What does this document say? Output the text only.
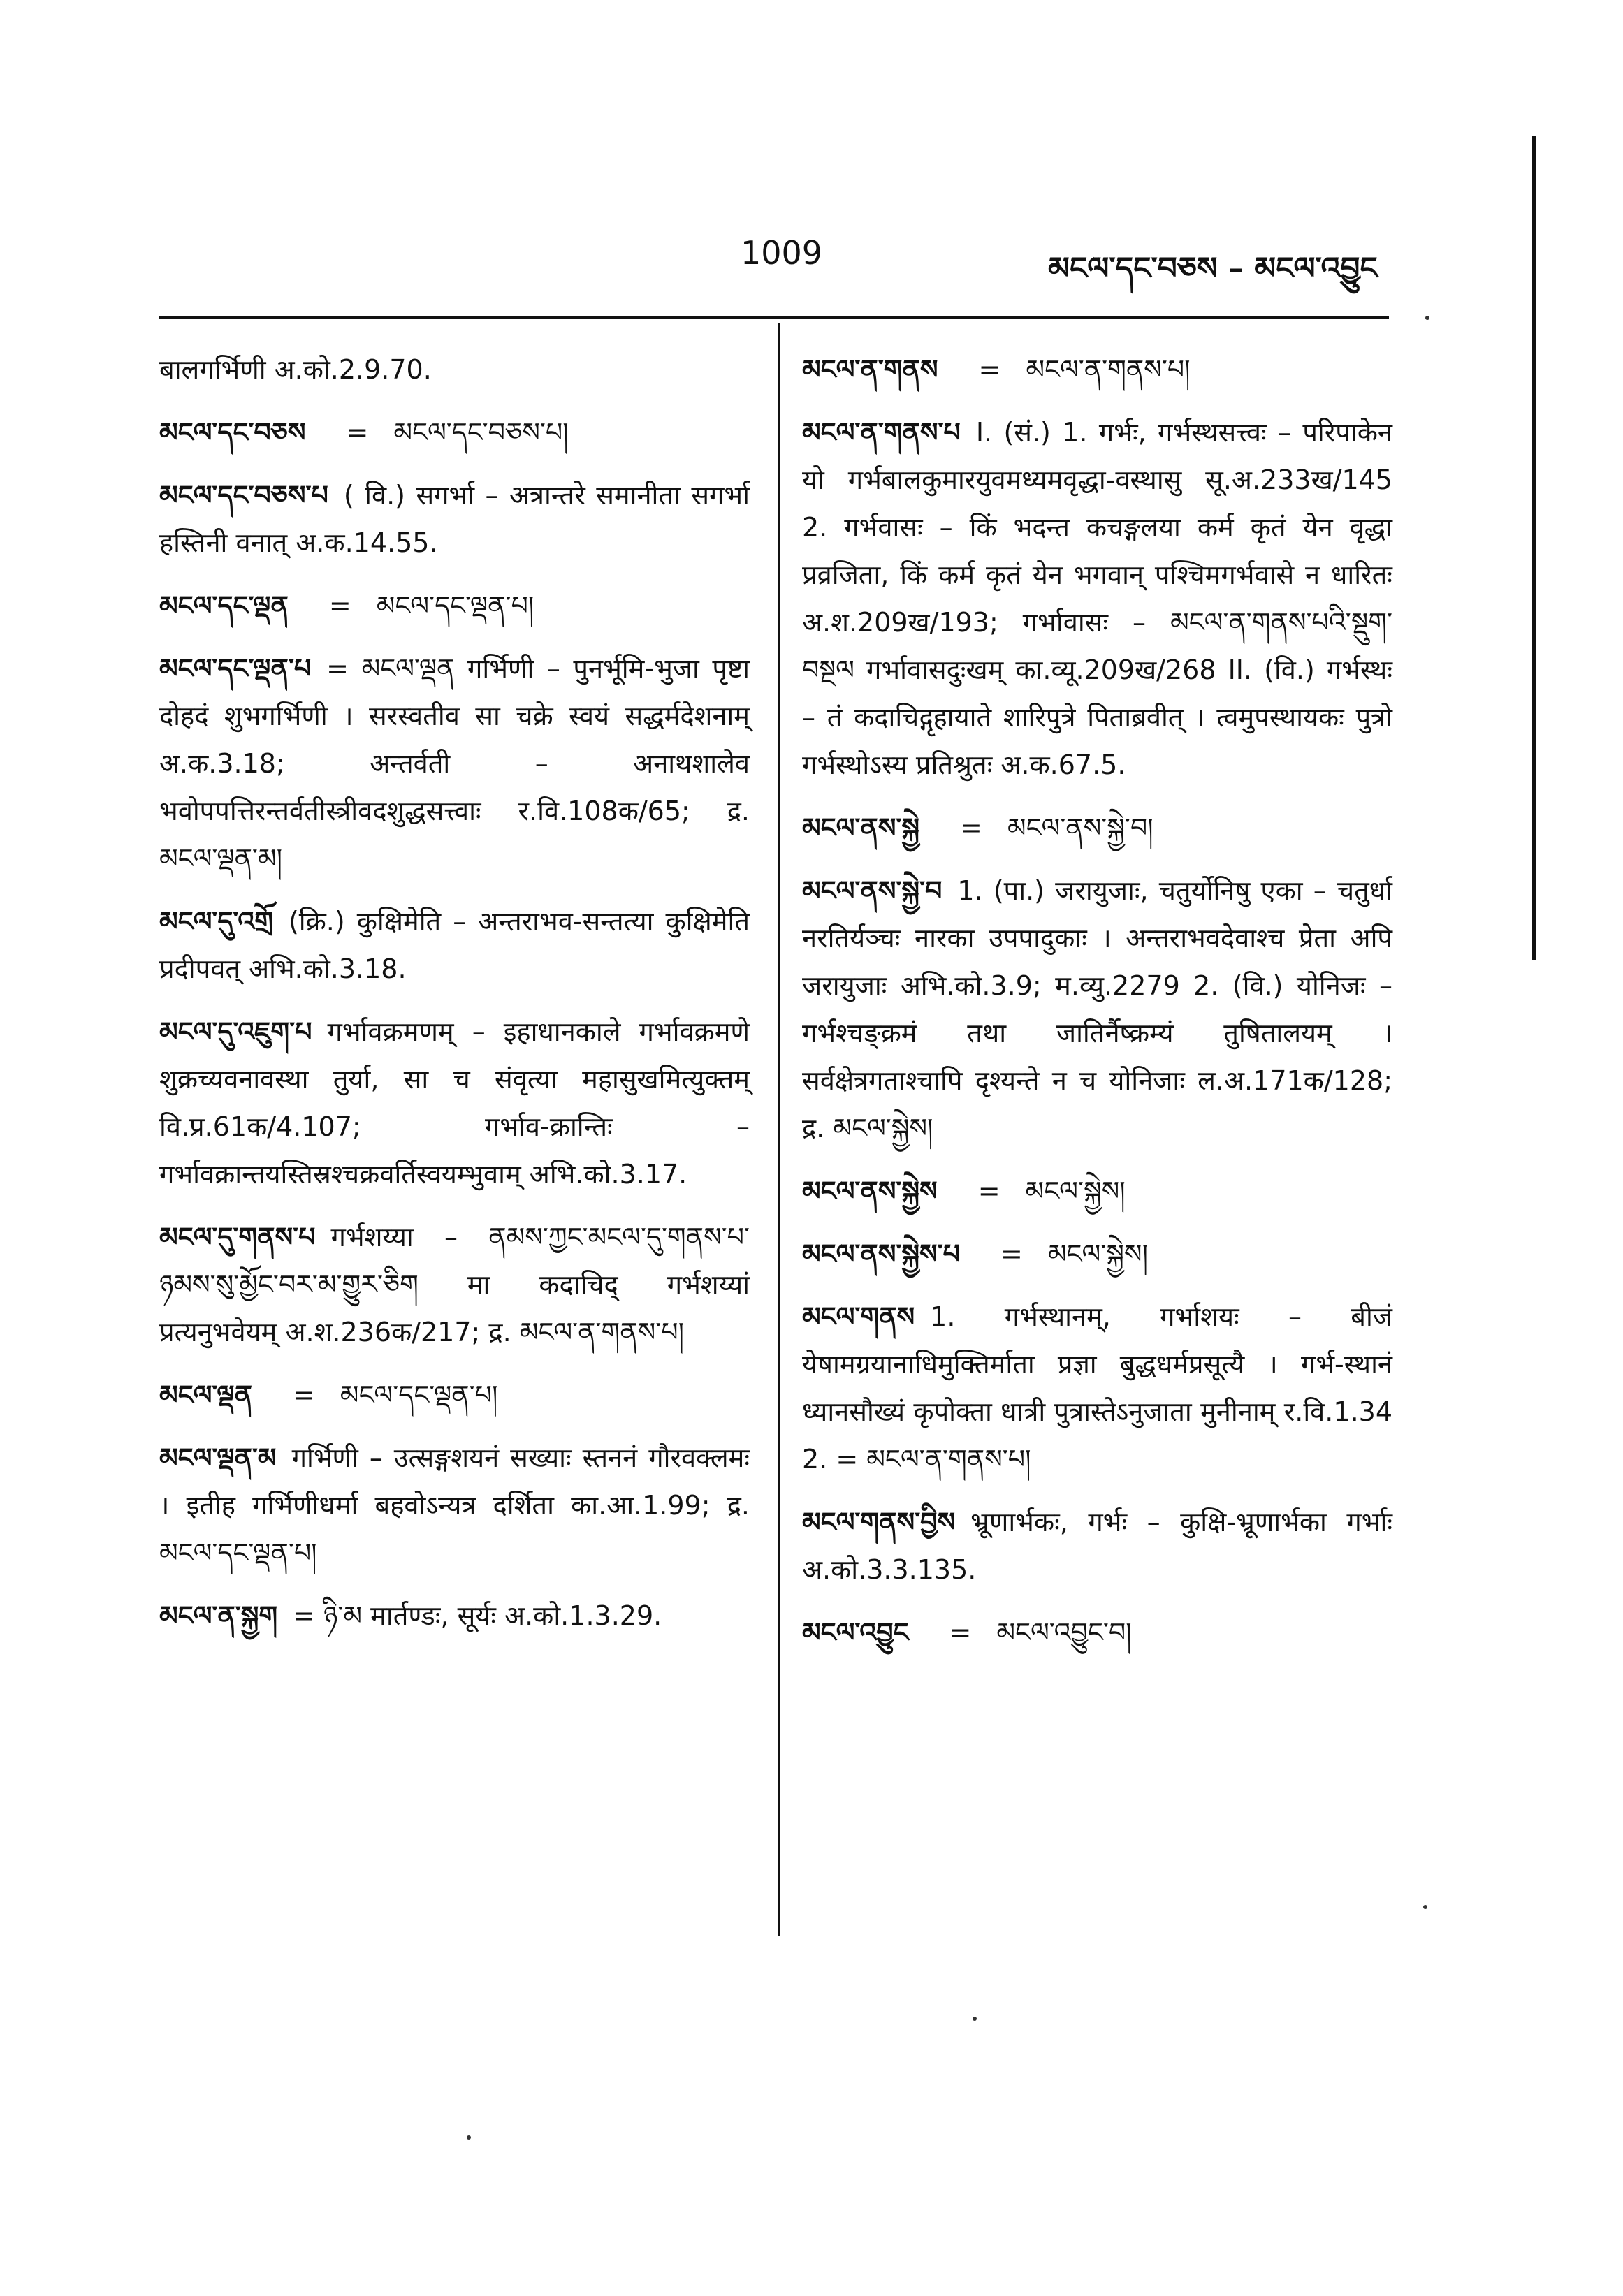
1009	མངལ་དང་བཅས – མངལ་འབྱུང
बालगर्भिणी अ.को.2.9.70.
མངལ་དང་བཅས = མངལ་དང་བཅས་པ།
མངལ་དང་བཅས་པ ( वि.) सगर्भा – अत्रान्तरे समानीता सगर्भा हस्तिनी वनात् अ.क.14.55.
མངལ་དང་ལྡན = མངལ་དང་ལྡན་པ།
མངལ་དང་ལྡན་པ = མངལ་ལྡན गर्भिणी – पुनर्भूमि-भुजा पृष्टा दोहदं शुभगर्भिणी । सरस्वतीव सा चक्रे स्वयं सद्धर्मदेशनाम् अ.क.3.18; अन्तर्वती – अनाथशालेव भवोपपत्तिरन्तर्वतीस्त्रीवदशुद्धसत्त्वाः र.वि.108क/65; द्र. མངལ་ལྡན་མ།
མངལ་དུ་འགྲོ (क्रि.) कुक्षिमेति – अन्तराभव-सन्तत्या कुक्षिमेति प्रदीपवत् अभि.को.3.18.
མངལ་དུ་འཇུག་པ गर्भावक्रमणम् – इहाधानकाले गर्भावक्रमणे शुक्रच्यवनावस्था तुर्या, सा च संवृत्या महासुखमित्युक्तम् वि.प्र.61क/4.107; गर्भाव-क्रान्तिः – गर्भावक्रान्तयस्तिस्रश्चक्रवर्तिस्वयम्भुवाम् अभि.को.3.17.
མངལ་དུ་གནས་པ गर्भशय्या – ནམས་ཀྱང་མངལ་དུ་གནས་པ་ཉམས་སུ་མྱོང་བར་མ་གྱུར་ཅིག मा कदाचिद् गर्भशय्यां प्रत्यनुभवेयम् अ.श.236क/217; द्र. མངལ་ན་གནས་པ།
མངལ་ལྡན = མངལ་དང་ལྡན་པ།
མངལ་ལྡན་མ गर्भिणी – उत्सङ्गशयनं सख्याः स्तननं गौरवक्लमः । इतीह गर्भिणीधर्मा बहवोऽन्यत्र दर्शिता का.आ.1.99; द्र. མངལ་དང་ལྡན་པ།
མངལ་ན་སྐྱག = ཉི་མ मार्तण्डः, सूर्यः अ.को.1.3.29.
མངལ་ན་གནས = མངལ་ན་གནས་པ།
མངལ་ན་གནས་པ I. (सं.) 1. गर्भः, गर्भस्थसत्त्वः – परिपाकेन यो गर्भबालकुमारयुवमध्यमवृद्धा-वस्थासु सू.अ.233ख/145 2. गर्भवासः – किं भदन्त कचङ्गलया कर्म कृतं येन वृद्धा प्रव्रजिता, किं कर्म कृतं येन भगवान् पश्चिमगर्भवासे न धारितः अ.श.209ख/193; गर्भावासः – མངལ་ན་གནས་པའི་སྡུག་བསྔལ गर्भावासदुःखम् का.व्यू.209ख/268 II. (वि.) गर्भस्थः – तं कदाचिद्गृहायाते शारिपुत्रे पिताब्रवीत् । त्वमुपस्थायकः पुत्रो गर्भस्थोऽस्य प्रतिश्रुतः अ.क.67.5.
མངལ་ནས་སྐྱེ = མངལ་ནས་སྐྱེ་བ།
མངལ་ནས་སྐྱེ་བ 1. (पा.) जरायुजाः, चतुर्योनिषु एका – चतुर्धा नरतिर्यञ्चः नारका उपपादुकाः । अन्तराभवदेवाश्च प्रेता अपि जरायुजाः अभि.को.3.9; म.व्यु.2279 2. (वि.) योनिजः – गर्भश्चङ्क्रमं तथा जातिर्नैष्क्रम्यं तुषितालयम् । सर्वक्षेत्रगताश्चापि दृश्यन्ते न च योनिजाः ल.अ.171क/128; द्र. མངལ་སྐྱེས།
མངལ་ནས་སྐྱེས = མངལ་སྐྱེས།
མངལ་ནས་སྐྱེས་པ = མངལ་སྐྱེས།
མངལ་གནས 1. गर्भस्थानम्, गर्भाशयः – बीजं येषामग्रयानाधिमुक्तिर्माता प्रज्ञा बुद्धधर्मप्रसूत्यै । गर्भ-स्थानं ध्यानसौख्यं कृपोक्ता धात्री पुत्रास्तेऽनुजाता मुनीनाम् र.वि.1.34 2. = མངལ་ན་གནས་པ།
མངལ་གནས་བྱིས भ्रूणार्भकः, गर्भः – कुक्षि-भ्रूणार्भका गर्भाः अ.को.3.3.135.
མངལ་འབྱུང = མངལ་འབྱུང་བ།
